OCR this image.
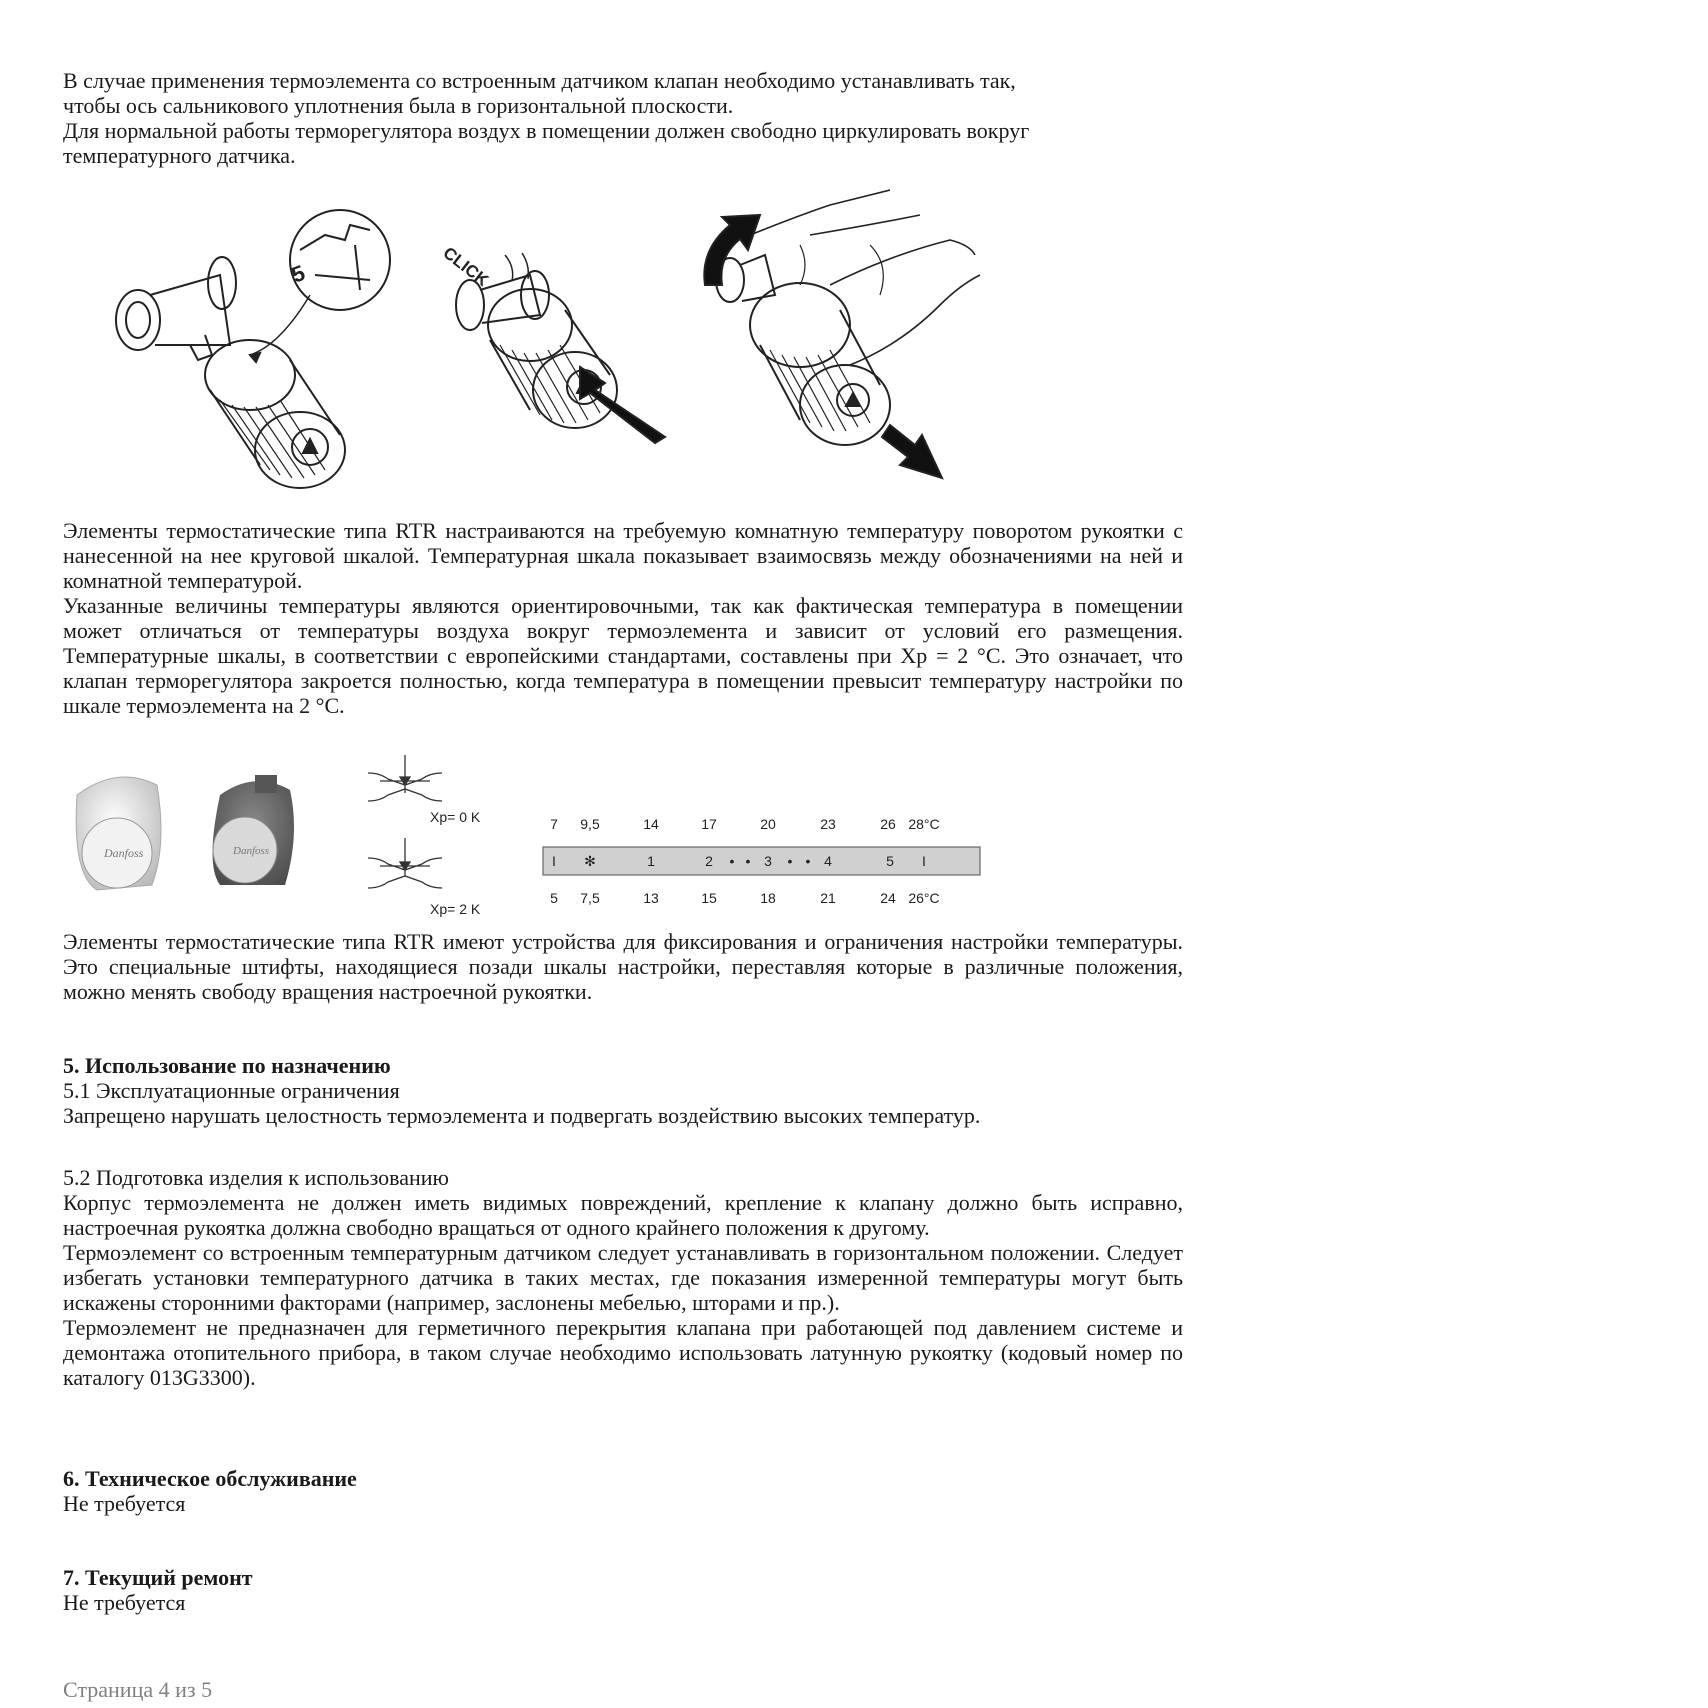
В случае применения термоэлемента со встроенным датчиком клапан необходимо устанавливать так,
чтобы ось сальникового уплотнения была в горизонтальной плоскости.
Для нормальной работы терморегулятора воздух в помещении должен свободно циркулировать вокруг
температурного датчика.
CLICK
5
Элементы термостатические типа RTR настраиваются на требуемую комнатную температуру поворотом рукоятки с нанесенной на нее круговой шкалой. Температурная шкала показывает взаимосвязь между обозначениями на ней и комнатной температурой.
Указанные величины температуры являются ориентировочными, так как фактическая температура в помещении может отличаться от температуры воздуха вокруг термоэлемента и зависит от условий его размещения. Температурные шкалы, в соответствии с европейскими стандартами, составлены при Xp = 2 °C. Это означает, что клапан терморегулятора закроется полностью, когда температура в помещении превысит температуру настройки по шкале термоэлемента на 2 °C.
Danfoss	Danfoss
Xp= 0 K
Xp= 2 K
7 9,5	14	17	20	23	26 28°C
I ✻	1	2 • • 3 • • 4	5 I
5 7,5	13	15	18	21	24 26°C
Элементы термостатические типа RTR имеют устройства для фиксирования и ограничения настройки температуры. Это специальные штифты, находящиеся позади шкалы настройки, переставляя которые в различные положения, можно менять свободу вращения настроечной рукоятки.
5. Использование по назначению
5.1 Эксплуатационные ограничения
Запрещено нарушать целостность термоэлемента и подвергать воздействию высоких температур.
5.2 Подготовка изделия к использованию
Корпус термоэлемента не должен иметь видимых повреждений, крепление к клапану должно быть исправно, настроечная рукоятка должна свободно вращаться от одного крайнего положения к другому.
Термоэлемент со встроенным температурным датчиком следует устанавливать в горизонтальном положении. Следует избегать установки температурного датчика в таких местах, где показания измеренной температуры могут быть искажены сторонними факторами (например, заслонены мебелью, шторами и пр.).
Термоэлемент не предназначен для герметичного перекрытия клапана при работающей под давлением системе и демонтажа отопительного прибора, в таком случае необходимо использовать латунную рукоятку (кодовый номер по каталогу 013G3300).
6. Техническое обслуживание
Не требуется
7. Текущий ремонт
Не требуется
Страница 4 из 5
